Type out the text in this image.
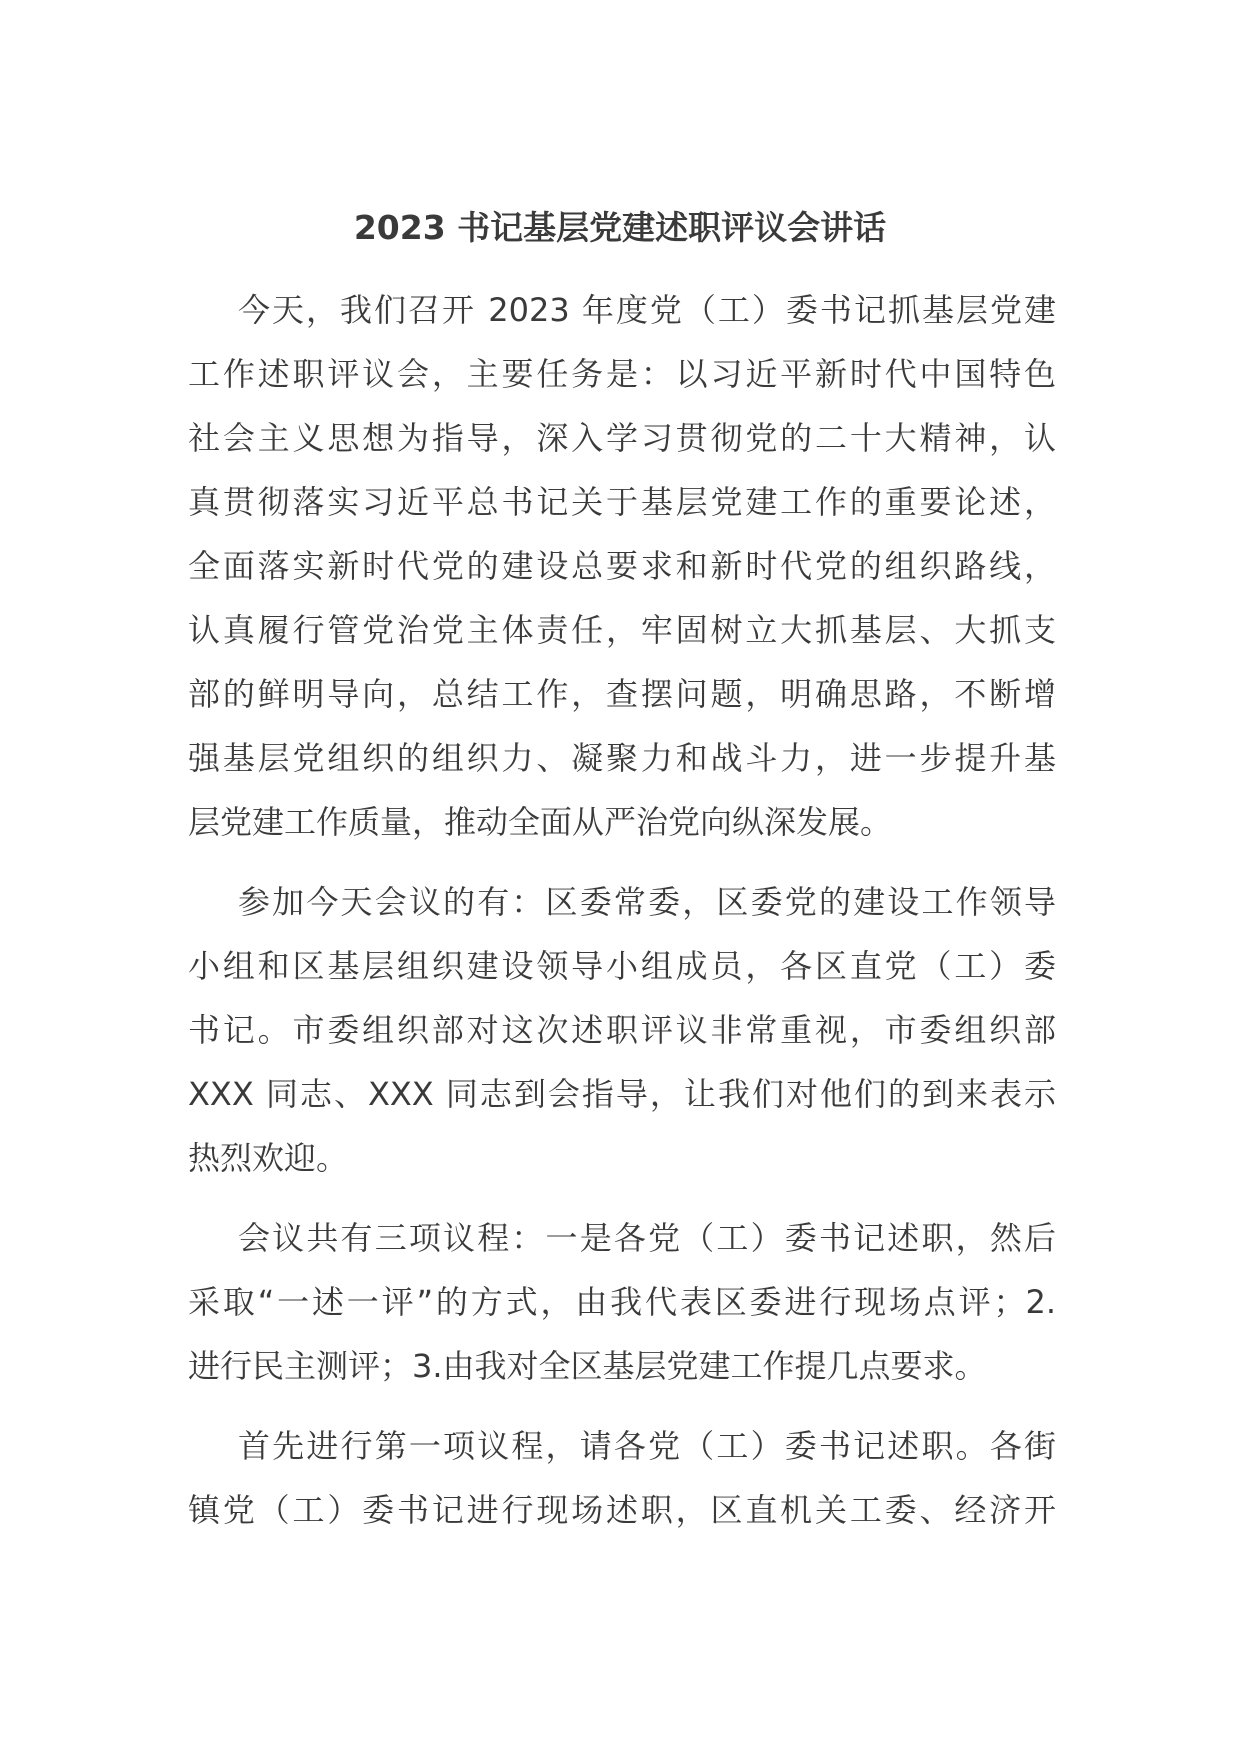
2023 书记基层党建述职评议会讲话
今天，我们召开 2023 年度党（工）委书记抓基层党建
工作述职评议会，主要任务是：以习近平新时代中国特色
社会主义思想为指导，深入学习贯彻党的二十大精神，认
真贯彻落实习近平总书记关于基层党建工作的重要论述，
全面落实新时代党的建设总要求和新时代党的组织路线，
认真履行管党治党主体责任，牢固树立大抓基层、大抓支
部的鲜明导向，总结工作，查摆问题，明确思路，不断增
强基层党组织的组织力、凝聚力和战斗力，进一步提升基
层党建工作质量，推动全面从严治党向纵深发展。
参加今天会议的有：区委常委，区委党的建设工作领导
小组和区基层组织建设领导小组成员，各区直党（工）委
书记。市委组织部对这次述职评议非常重视，市委组织部
XXX 同志、XXX 同志到会指导，让我们对他们的到来表示
热烈欢迎。
会议共有三项议程：一是各党（工）委书记述职，然后
采取“一述一评”的方式，由我代表区委进行现场点评；2.
进行民主测评；3.由我对全区基层党建工作提几点要求。
首先进行第一项议程，请各党（工）委书记述职。各街
镇党（工）委书记进行现场述职，区直机关工委、经济开
